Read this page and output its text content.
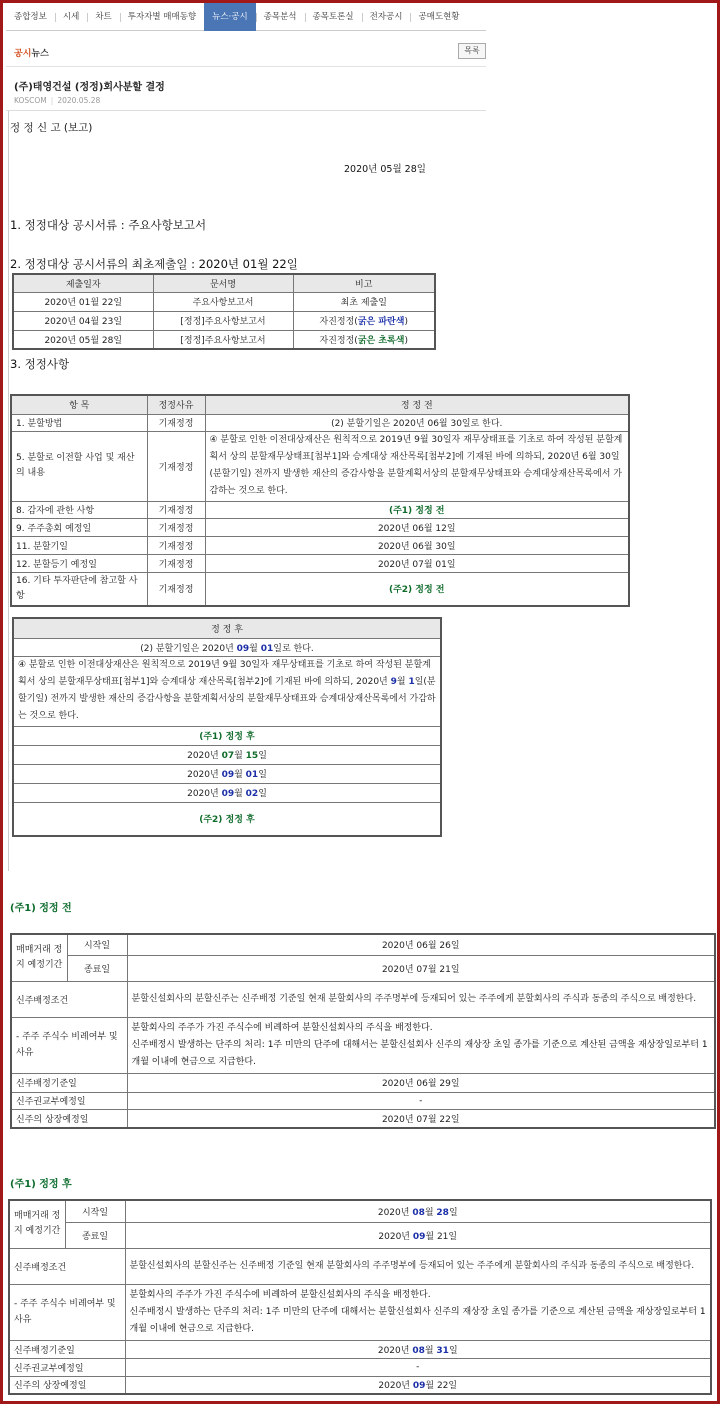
종합정보	시세	차트	투자자별 매매동향	뉴스·공시	종목분석	종목토론실	전자공시	공매도현황
공시뉴스	목록
(주)태영건설 (정정)회사분할 결정
KOSCOM | 2020.05.28
정 정 신 고 (보고)
2020년 05월 28일
1. 정정대상 공시서류 : 주요사항보고서
2. 정정대상 공시서류의 최초제출일 : 2020년 01월 22일
제출일자	문서명	비고
2020년 01월 22일	주요사항보고서	최초 제출일
2020년 04월 23일	[정정]주요사항보고서	자진정정(굵은 파란색)
2020년 05월 28일	[정정]주요사항보고서	자진정정(굵은 초록색)
3. 정정사항
항 목	정정사유	정 정 전
1. 분할방법	기재정정	(2) 분할기일은 2020년 06월 30일로 한다.
5. 분할로 이전할 사업 및 재산의 내용	기재정정	④ 분할로 인한 이전대상재산은 원칙적으로 2019년 9월 30일자 재무상태표를 기초로 하여 작성된 분할계획서 상의 분할재무상태표[첨부1]와 승계대상 재산목록[첨부2]에 기재된 바에 의하되, 2020년 6월 30일(분할기일) 전까지 발생한 재산의 증감사항을 분할계획서상의 분할재무상태표와 승계대상재산목록에서 가감하는 것으로 한다.
8. 감자에 관한 사항	기재정정	(주1) 정정 전
9. 주주총회 예정일	기재정정	2020년 06월 12일
11. 분할기일	기재정정	2020년 06월 30일
12. 분할등기 예정일	기재정정	2020년 07월 01일
16. 기타 투자판단에 참고할 사항	기재정정	(주2) 정정 전
정 정 후
(2) 분할기일은 2020년 09월 01일로 한다.
④ 분할로 인한 이전대상재산은 원칙적으로 2019년 9월 30일자 재무상태표를 기초로 하여 작성된 분할계획서 상의 분할재무상태표[첨부1]와 승계대상 재산목록[첨부2]에 기재된 바에 의하되, 2020년 9월 1일(분할기일) 전까지 발생한 재산의 증감사항을 분할계획서상의 분할재무상태표와 승계대상재산목록에서 가감하는 것으로 한다.
(주1) 정정 후
2020년 07월 15일
2020년 09월 01일
2020년 09월 02일
(주2) 정정 후
(주1) 정정 전
매매거래 정지 예정기간	시작일	2020년 06월 26일
	종료일	2020년 07월 21일
신주배정조건		분할신설회사의 분할신주는 신주배정 기준일 현재 분할회사의 주주명부에 등재되어 있는 주주에게 분할회사의 주식과 동종의 주식으로 배정한다.
- 주주 주식수 비례여부 및 사유		분할회사의 주주가 가진 주식수에 비례하여 분할신설회사의 주식을 배정한다.
신주배정시 발생하는 단주의 처리: 1주 미만의 단주에 대해서는 분할신설회사 신주의 재상장 초일 종가를 기준으로 계산된 금액을 재상장일로부터 1개월 이내에 현금으로 지급한다.

신주배정기준일		2020년 06월 29일
신주권교부예정일		-
신주의 상장예정일		2020년 07월 22일
(주1) 정정 후
매매거래 정지 예정기간	시작일	2020년 08월 28일
	종료일	2020년 09월 21일
신주배정조건		분할신설회사의 분할신주는 신주배정 기준일 현재 분할회사의 주주명부에 등재되어 있는 주주에게 분할회사의 주식과 동종의 주식으로 배정한다.
- 주주 주식수 비례여부 및 사유		분할회사의 주주가 가진 주식수에 비례하여 분할신설회사의 주식을 배정한다.
신주배정시 발생하는 단주의 처리: 1주 미만의 단주에 대해서는 분할신설회사 신주의 재상장 초일 종가를 기준으로 계산된 금액을 재상장일로부터 1개월 이내에 현금으로 지급한다.

신주배정기준일		2020년 08월 31일
신주권교부예정일		-
신주의 상장예정일		2020년 09월 22일
